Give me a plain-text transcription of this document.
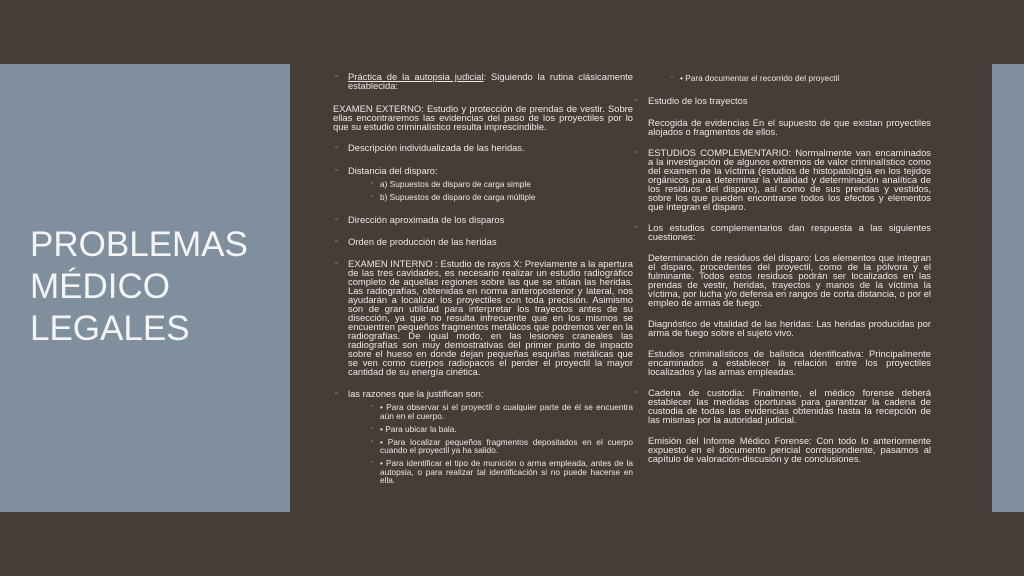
PROBLEMAS
MÉDICO
LEGALES
▫ Práctica de la autopsia judicial: Siguiendo la rutina clásicamente establecida:
EXAMEN EXTERNO: Estudio y protección de prendas de vestir. Sobre ellas encontraremos las evidencias del paso de los proyectiles por lo que su estudio criminalístico resulta imprescindible.
▫ Descripción individualizada de las heridas.
▫ Distancia del disparo:
▫ a) Supuestos de disparo de carga simple
▫ b) Supuestos de disparo de carga múltiple
▫ Dirección aproximada de los disparos
▫ Orden de producción de las heridas
▫ EXAMEN INTERNO : Estudio de rayos X: Previamente a la apertura de las tres cavidades, es necesario realizar un estudio radiográfico completo de aquellas regiones sobre las que se sitúan las heridas. Las radiografías, obtenidas en norma anteroposterior y lateral, nos ayudarán a localizar los proyectiles con toda precisión. Asimismo son de gran utilidad para interpretar los trayectos antes de su disección, ya que no resulta infrecuente que en los mismos se encuentren pequeños fragmentos metálicos que podremos ver en la radiografías. De igual modo, en las lesiones craneales las radiografías son muy demostrativas del primer punto de impacto sobre el hueso en donde dejan pequeñas esquirlas metálicas que se ven como cuerpos radiopacos el perder el proyectil la mayor cantidad de su energía cinética.
▫ las razones que la justifican son:
▫ • Para observar si el proyectil o cualquier parte de él se encuentra aún en el cuerpo.
▫ • Para ubicar la bala.
▫ • Para localizar pequeños fragmentos depositados en el cuerpo cuando el proyectil ya ha salido.
▫ • Para identificar el tipo de munición o arma empleada, antes de la autopsia, o para realizar tal identificación si no puede hacerse en ella.
▫ • Para documentar el recorrido del proyectil
▫ Estudio de los trayectos
Recogida de evidencias En el supuesto de que existan proyectiles alojados o fragmentos de ellos.
▫ ESTUDIOS COMPLEMENTARIO: Normalmente van encaminados a la investigación de algunos extremos de valor criminalístico como del examen de la víctima (estudios de histopatología en los tejidos orgánicos para determinar la vitalidad y determinación analítica de los residuos del disparo), así como de sus prendas y vestidos, sobre los que pueden encontrarse todos los efectos y elementos que integran el disparo.
▫ Los estudios complementarios dan respuesta a las siguientes cuestiones:
Determinación de residuos del disparo: Los elementos que integran el disparo, procedentes del proyectil, como de la pólvora y el fulminante. Todos estos residuos podrán ser localizados en las prendas de vestir, heridas, trayectos y manos de la víctima la víctima, por lucha y/o defensa en rangos de corta distancia, o por el empleo de armas de fuego.
Diagnóstico de vitalidad de las heridas: Las heridas producidas por arma de fuego sobre el sujeto vivo.
Estudios criminalísticos de balística identificativa: Principalmente encaminados a establecer la relación entre los proyectiles localizados y las armas empleadas.
▫ Cadena de custodia: Finalmente, el médico forense deberá establecer las medidas oportunas para garantizar la cadena de custodia de todas las evidencias obtenidas hasta la recepción de las mismas por la autoridad judicial.
Emisión del Informe Médico Forense: Con todo lo anteriormente expuesto en el documento pericial correspondiente, pasamos al capítulo de valoración-discusión y de conclusiones.
